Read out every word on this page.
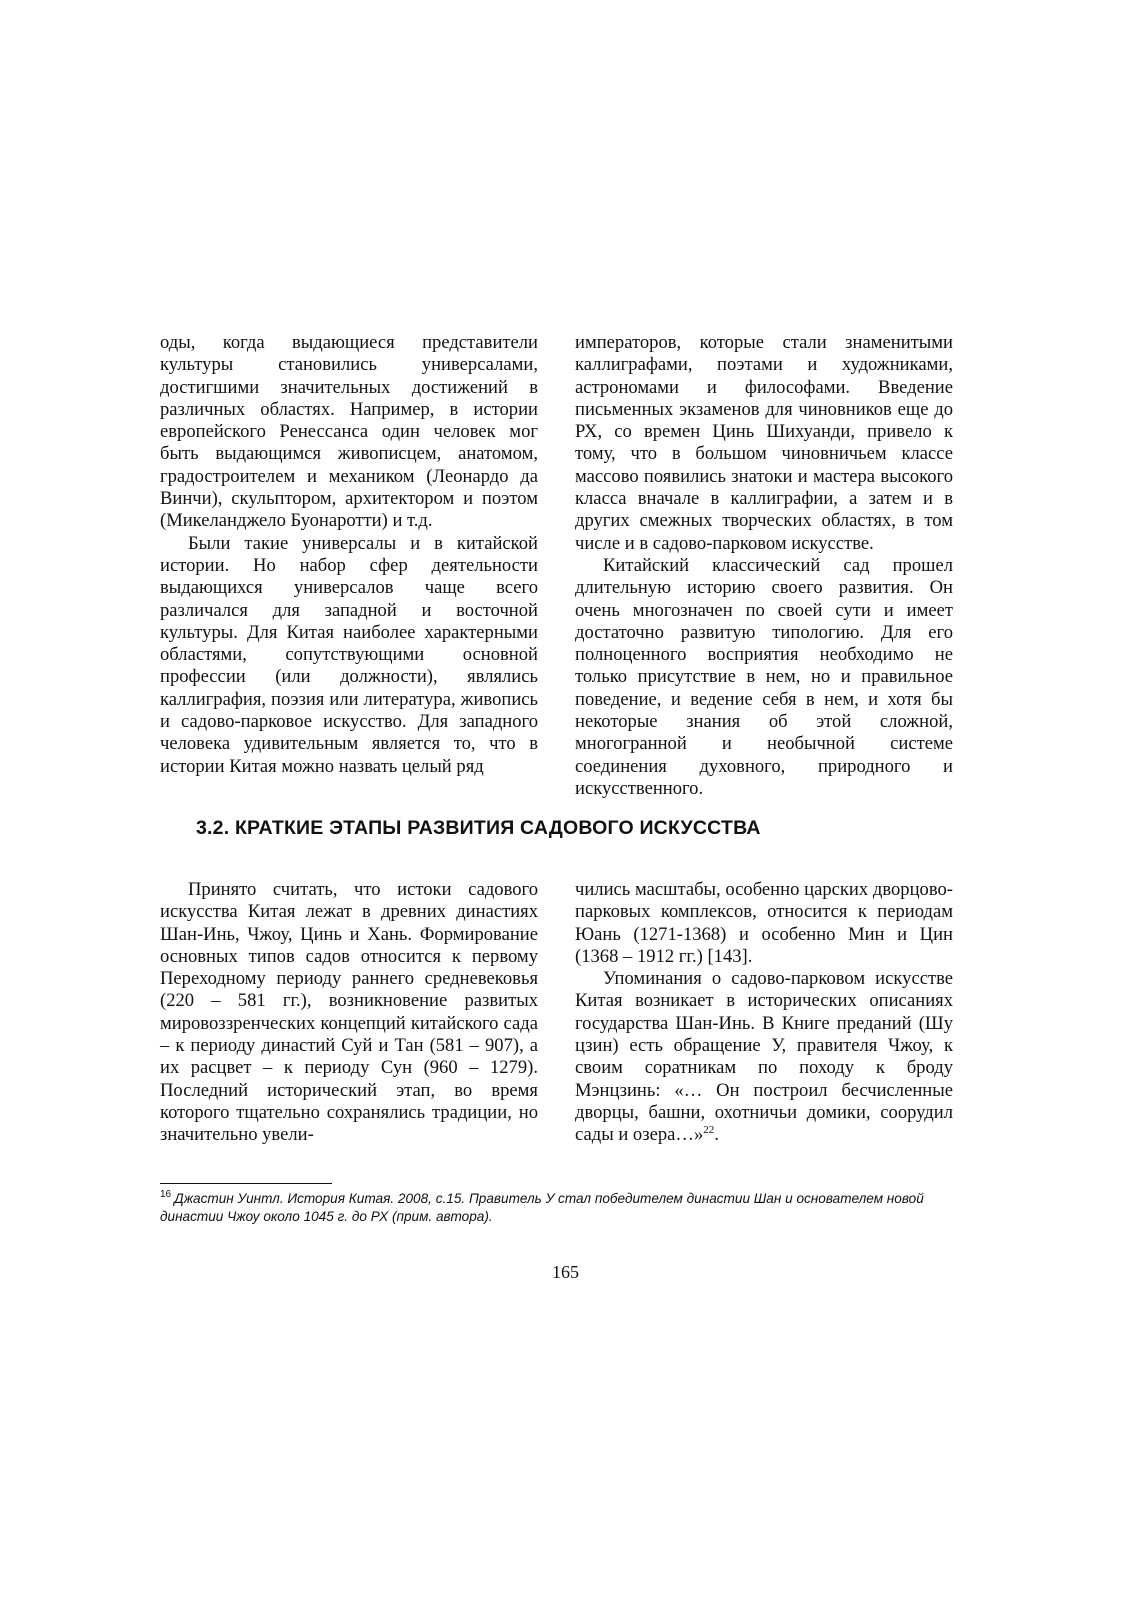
оды, когда выдающиеся представители культуры становились универсалами, достигшими значительных достижений в различных областях. Например, в истории европейского Ренессанса один человек мог быть выдающимся живописцем, анатомом, градостроителем и механиком (Леонардо да Винчи), скульптором, архитектором и поэтом (Микеланджело Буонаротти) и т.д.

Были такие универсалы и в китайской истории. Но набор сфер деятельности выдающихся универсалов чаще всего различался для западной и восточной культуры. Для Китая наиболее характерными областями, сопутствующими основной профессии (или должности), являлись каллиграфия, поэзия или литература, живопись и садово-парковое искусство. Для западного человека удивительным является то, что в истории Китая можно назвать целый ряд

императоров, которые стали знаменитыми каллиграфами, поэтами и художниками, астрономами и философами. Введение письменных экзаменов для чиновников еще до РХ, со времен Цинь Шихуанди, привело к тому, что в большом чиновничьем классе массово появились знатоки и мастера высокого класса вначале в каллиграфии, а затем и в других смежных творческих областях, в том числе и в садово-парковом искусстве.

Китайский классический сад прошел длительную историю своего развития. Он очень многозначен по своей сути и имеет достаточно развитую типологию. Для его полноценного восприятия необходимо не только присутствие в нем, но и правильное поведение, и ведение себя в нем, и хотя бы некоторые знания об этой сложной, многогранной и необычной системе соединения духовного, природного и искусственного.

3.2. КРАТКИЕ ЭТАПЫ РАЗВИТИЯ САДОВОГО ИСКУССТВА

Принято считать, что истоки садового искусства Китая лежат в древних династиях Шан-Инь, Чжоу, Цинь и Хань. Формирование основных типов садов относится к первому Переходному периоду раннего средневековья (220 – 581 гг.), возникновение развитых мировоззренческих концепций китайского сада – к периоду династий Суй и Тан (581 – 907), а их расцвет – к периоду Сун (960 – 1279). Последний исторический этап, во время которого тщательно сохранялись традиции, но значительно увели-

чились масштабы, особенно царских дворцово-парковых комплексов, относится к периодам Юань (1271-1368) и особенно Мин и Цин (1368 – 1912 гг.) [143].

Упоминания о садово-парковом искусстве Китая возникает в исторических описаниях государства Шан-Инь. В Книге преданий (Шу цзин) есть обращение У, правителя Чжоу, к своим соратникам по походу к броду Мэнцзинь: «… Он построил бесчисленные дворцы, башни, охотничьи домики, соорудил сады и озера…»$^{22}$.

$^{16}$ Джастин Уинтл. История Китая. 2008, с.15. Правитель У стал победителем династии Шан и основателем новой династии Чжоу около 1045 г. до РХ (прим. автора).

165
